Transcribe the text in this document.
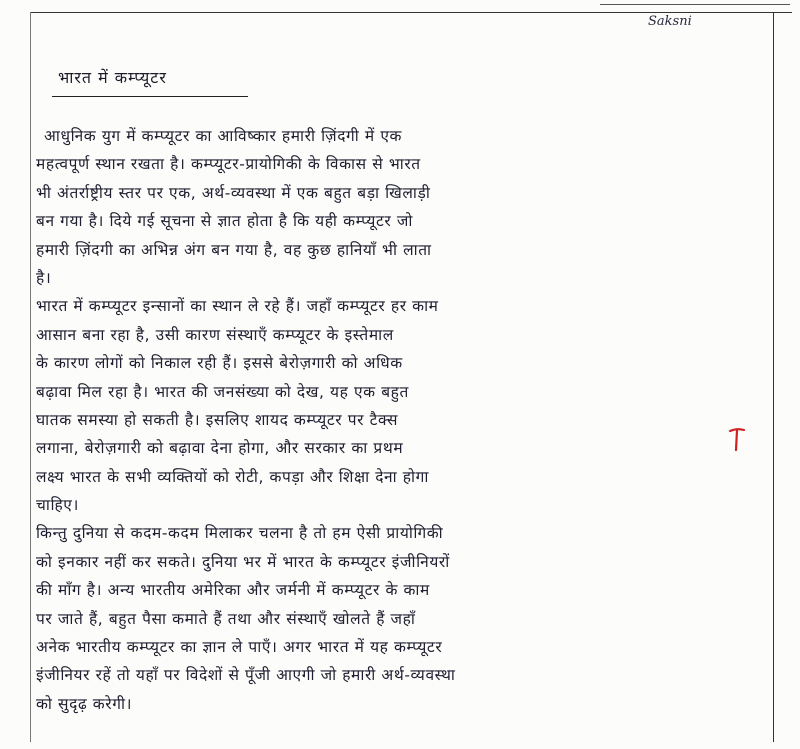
Saksni
भारत में कम्प्यूटर
आधुनिक युग में कम्प्यूटर का आविष्कार हमारी ज़िंदगी में एक
महत्वपूर्ण स्थान रखता है। कम्प्यूटर-प्रायोगिकी के विकास से भारत
भी अंतर्राष्ट्रीय स्तर पर एक, अर्थ-व्यवस्था में एक बहुत बड़ा खिलाड़ी
बन गया है। दिये गई सूचना से ज्ञात होता है कि यही कम्प्यूटर जो
हमारी ज़िंदगी का अभिन्न अंग बन गया है, वह कुछ हानियाँ भी लाता
है।
भारत में कम्प्यूटर इन्सानों का स्थान ले रहे हैं। जहाँ कम्प्यूटर हर काम
आसान बना रहा है, उसी कारण संस्थाएँ कम्प्यूटर के इस्तेमाल
के कारण लोगों को निकाल रही हैं। इससे बेरोज़गारी को अधिक
बढ़ावा मिल रहा है। भारत की जनसंख्या को देख, यह एक बहुत
घातक समस्या हो सकती है। इसलिए शायद कम्प्यूटर पर टैक्स
लगाना, बेरोज़गारी को बढ़ावा देना होगा, और सरकार का प्रथम
लक्ष्य भारत के सभी व्यक्तियों को रोटी, कपड़ा और शिक्षा देना होगा
चाहिए।
किन्तु दुनिया से कदम-कदम मिलाकर चलना है तो हम ऐसी प्रायोगिकी
को इनकार नहीं कर सकते। दुनिया भर में भारत के कम्प्यूटर इंजीनियरों
की माँग है। अन्य भारतीय अमेरिका और जर्मनी में कम्प्यूटर के काम
पर जाते हैं, बहुत पैसा कमाते हैं तथा और संस्थाएँ खोलते हैं जहाँ
अनेक भारतीय कम्प्यूटर का ज्ञान ले पाएँ। अगर भारत में यह कम्प्यूटर
इंजीनियर रहें तो यहाँ पर विदेशों से पूँजी आएगी जो हमारी अर्थ-व्यवस्था
को सुदृढ़ करेगी।
